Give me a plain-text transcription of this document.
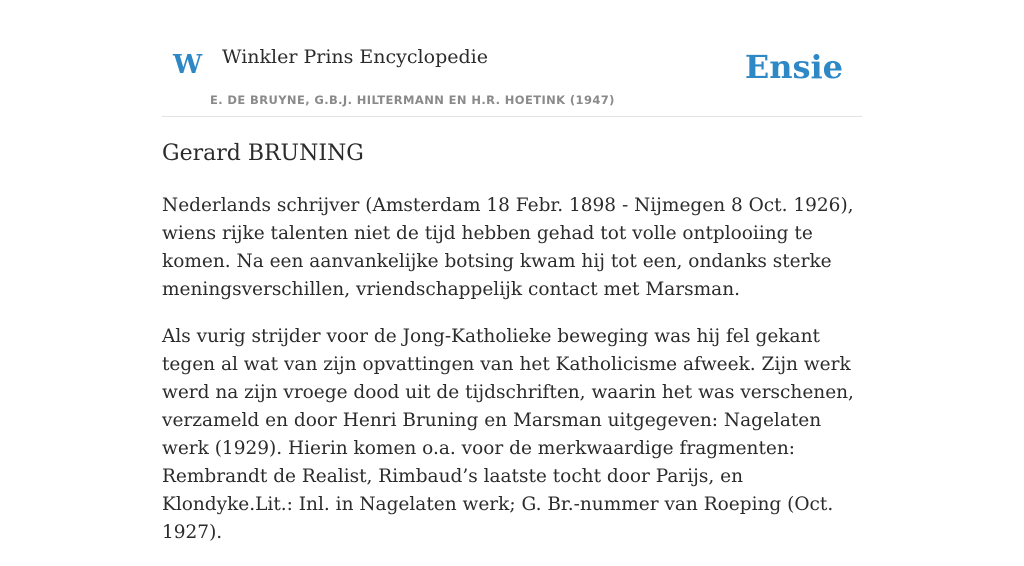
W Winkler Prins Encyclopedie
E. DE BRUYNE, G.B.J. HILTERMANN EN H.R. HOETINK (1947)
Ensie
Gerard BRUNING

Nederlands schrijver (Amsterdam 18 Febr. 1898 - Nijmegen 8 Oct. 1926), wiens rijke talenten niet de tijd hebben gehad tot volle ontplooiing te komen. Na een aanvankelijke botsing kwam hij tot een, ondanks sterke meningsverschillen, vriendschappelijk contact met Marsman.

Als vurig strijder voor de Jong-Katholieke beweging was hij fel gekant tegen al wat van zijn opvattingen van het Katholicisme afweek. Zijn werk werd na zijn vroege dood uit de tijdschriften, waarin het was verschenen, verzameld en door Henri Bruning en Marsman uitgegeven: Nagelaten werk (1929). Hierin komen o.a. voor de merkwaardige fragmenten: Rembrandt de Realist, Rimbaud’s laatste tocht door Parijs, en Klondyke.Lit.: Inl. in Nagelaten werk; G. Br.-nummer van Roeping (Oct. 1927).
